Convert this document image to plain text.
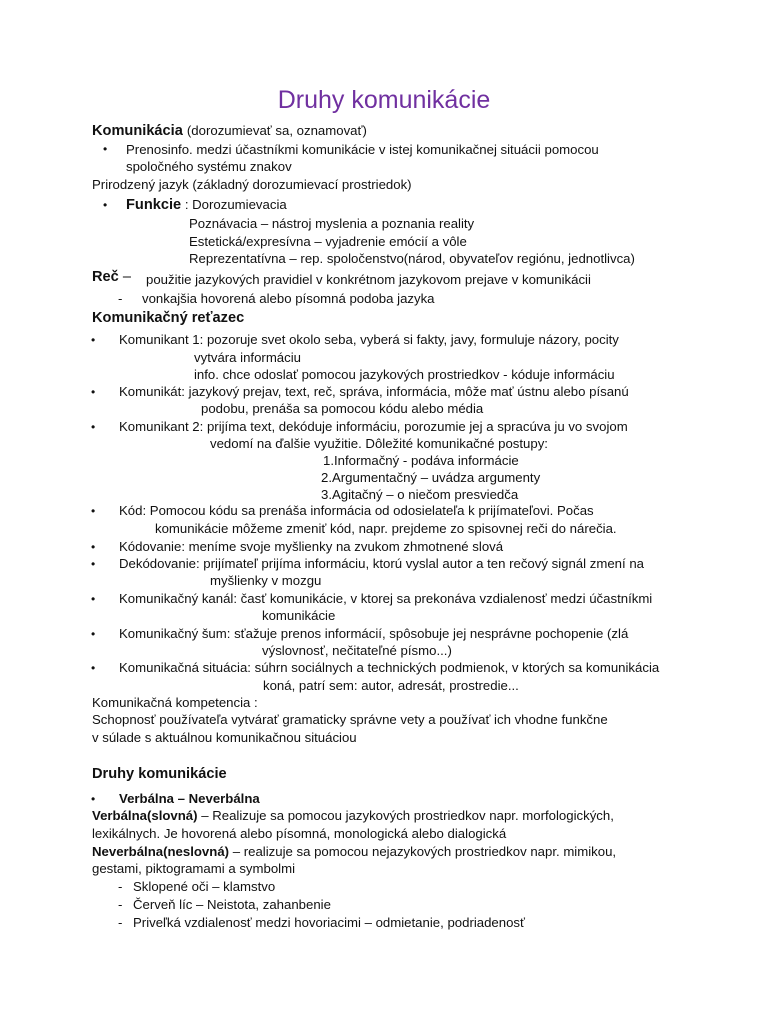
Druhy komunikácie
Komunikácia (dorozumievať sa, oznamovať)
• Prenosinfo. medzi účastníkmi komunikácie v istej komunikačnej situácii pomocou
spoločného systému znakov
Prirodzený jazyk (základný dorozumievací prostriedok)
• Funkcie : Dorozumievacia
Poznávacia – nástroj myslenia a poznania reality
Estetická/expresívna – vyjadrenie emócií a vôle
Reprezentatívna – rep. spoločenstvo(národ, obyvateľov regiónu, jednotlivca)
Reč – použitie jazykových pravidiel v konkrétnom jazykovom prejave v komunikácii
- vonkajšia hovorená alebo písomná podoba jazyka
Komunikačný reťazec
• Komunikant 1: pozoruje svet okolo seba, vyberá si fakty, javy, formuluje názory, pocity
vytvára informáciu
info. chce odoslať pomocou jazykových prostriedkov - kóduje informáciu
• Komunikát: jazykový prejav, text, reč, správa, informácia, môže mať ústnu alebo písanú
podobu, prenáša sa pomocou kódu alebo média
• Komunikant 2: prijíma text, dekóduje informáciu, porozumie jej a spracúva ju vo svojom
vedomí na ďalšie využitie. Dôležité komunikačné postupy:
1.Informačný - podáva informácie
2.Argumentačný – uvádza argumenty
3.Agitačný – o niečom presviedča
• Kód: Pomocou kódu sa prenáša informácia od odosielateľa k prijímateľovi. Počas
komunikácie môžeme zmeniť kód, napr. prejdeme zo spisovnej reči do nárečia.
• Kódovanie: meníme svoje myšlienky na zvukom zhmotnené slová
• Dekódovanie: prijímateľ prijíma informáciu, ktorú vyslal autor a ten rečový signál zmení na
myšlienky v mozgu
• Komunikačný kanál: časť komunikácie, v ktorej sa prekonáva vzdialenosť medzi účastníkmi
komunikácie
• Komunikačný šum: sťažuje prenos informácií, spôsobuje jej nesprávne pochopenie (zlá
výslovnosť, nečitateľné písmo...)
• Komunikačná situácia: súhrn sociálnych a technických podmienok, v ktorých sa komunikácia
koná, patrí sem: autor, adresát, prostredie...
Komunikačná kompetencia :
Schopnosť používateľa vytvárať gramaticky správne vety a používať ich vhodne funkčne
v súlade s aktuálnou komunikačnou situáciou
Druhy komunikácie
• Verbálna – Neverbálna
Verbálna(slovná) – Realizuje sa pomocou jazykových prostriedkov napr. morfologických,
lexikálnych. Je hovorená alebo písomná, monologická alebo dialogická
Neverbálna(neslovná) – realizuje sa pomocou nejazykových prostriedkov napr. mimikou,
gestami, piktogramami a symbolmi
- Sklopené oči – klamstvo
- Červeň líc – Neistota, zahanbenie
- Priveľká vzdialenosť medzi hovoriacimi – odmietanie, podriadenosť
